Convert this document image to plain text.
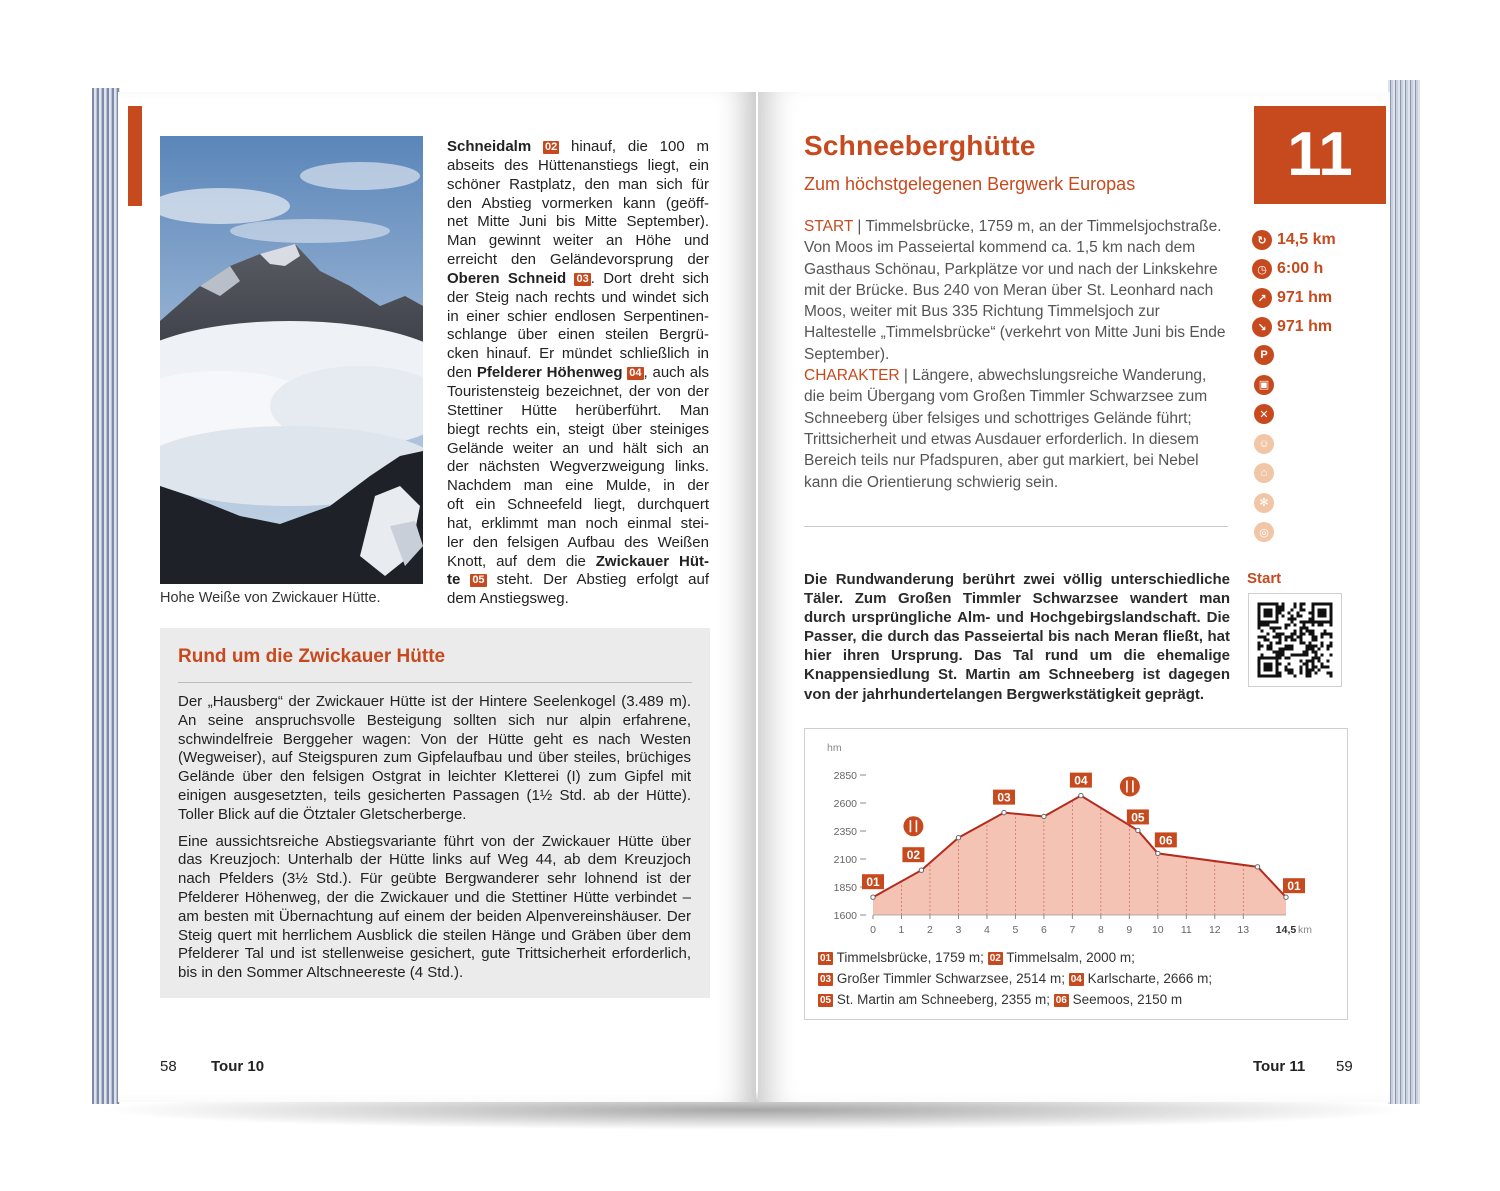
Hohe Weiße von Zwickauer Hütte.
Schneidalm 02 hinauf, die 100 m
abseits des Hüttenanstiegs liegt, ein
schöner Rastplatz, den man sich für
den Abstieg vormerken kann (geöff-
net Mitte Juni bis Mitte September).
Man gewinnt weiter an Höhe und
erreicht den Geländevorsprung der
Oberen Schneid 03 . Dort dreht sich
der Steig nach rechts und windet sich
in einer schier endlosen Serpentinen-
schlange über einen steilen Bergrü-
cken hinauf. Er mündet schließlich in
den Pfelderer Höhenweg 04 , auch als
Touristensteig bezeichnet, der von der
Stettiner Hütte herüberführt. Man
biegt rechts ein, steigt über steiniges
Gelände weiter an und hält sich an
der nächsten Wegverzweigung links.
Nachdem man eine Mulde, in der
oft ein Schneefeld liegt, durchquert
hat, erklimmt man noch einmal stei-
ler den felsigen Aufbau des Weißen
Knott, auf dem die Zwickauer Hüt-
te 05 steht. Der Abstieg erfolgt auf
dem Anstiegsweg.
Rund um die Zwickauer Hütte

Der „Hausberg“ der Zwickauer Hütte ist der Hintere Seelenkogel (3.489 m). An seine anspruchsvolle Besteigung sollten sich nur alpin erfahrene, schwindelfreie Berggeher wagen: Von der Hütte geht es nach Westen (Wegweiser), auf Steigspuren zum Gipfelaufbau und über steiles, brüchiges Gelände über den felsigen Ostgrat in leichter Kletterei (I) zum Gipfel mit einigen ausgesetzten, teils gesicherten Passagen (1½ Std. ab der Hütte). Toller Blick auf die Ötztaler Gletscherberge.

Eine aussichtsreiche Abstiegsvariante führt von der Zwickauer Hütte über das Kreuzjoch: Unterhalb der Hütte links auf Weg 44, ab dem Kreuzjoch nach Pfelders (3½ Std.). Für geübte Bergwanderer sehr lohnend ist der Pfelderer Höhenweg, der die Zwickauer und die Stettiner Hütte verbindet – am besten mit Übernachtung auf einem der beiden Alpenvereinshäuser. Der Steig quert mit herrlichem Ausblick die steilen Hänge und Gräben über dem Pfelderer Tal und ist stellenweise gesichert, gute Trittsicherheit erforderlich, bis in den Sommer Altschneereste (4 Std.).

58 Tour 10
Schneeberghütte
Zum höchstgelegenen Bergwerk Europas	11

START | Timmelsbrücke, 1759 m, an der Timmelsjochstraße. Von Moos im Passeiertal kommend ca. 1,5 km nach dem Gasthaus Schönau, Parkplätze vor und nach der Linkskehre mit der Brücke. Bus 240 von Meran über St. Leonhard nach Moos, weiter mit Bus 335 Richtung Timmelsjoch zur Haltestelle „Timmelsbrücke“ (verkehrt von Mitte Juni bis Ende September).

CHARAKTER | Längere, abwechslungsreiche Wanderung, die beim Übergang vom Großen Timmler Schwarzsee zum Schneeberg über felsiges und schottriges Gelände führt; Trittsicherheit und etwas Ausdauer erforderlich. In diesem Bereich teils nur Pfadspuren, aber gut markiert, bei Nebel kann die Orientierung schwierig sein.

↻ 14,5 km
◷ 6:00 h
↗ 971 hm
↘ 971 hm
P
▣
✕
☺
⌂
✻
◎
Die Rundwanderung berührt zwei völlig unterschiedliche Täler. Zum Großen Timmler Schwarzsee wandert man durch ursprüngliche Alm- und Hochgebirgslandschaft. Die Passer, die durch das Passeiertal bis nach Meran fließt, hat hier ihren Ursprung. Das Tal rund um die ehemalige Knappensiedlung St. Martin am Schneeberg ist dagegen von der jahrhundertelangen Bergwerkstätigkeit geprägt.
Start
hm
1600
1850
2100
2350
2600
2850
0 1 2 3 4 5 6 7 8 9 10 11 12 13	14,5 km
01
02
03
04
05
06
01
01 Timmelsbrücke, 1759 m; 02 Timmelsalm, 2000 m;
03 Großer Timmler Schwarzsee, 2514 m; 04 Karlscharte, 2666 m;
05 St. Martin am Schneeberg, 2355 m; 06 Seemoos, 2150 m
Tour 11 59
